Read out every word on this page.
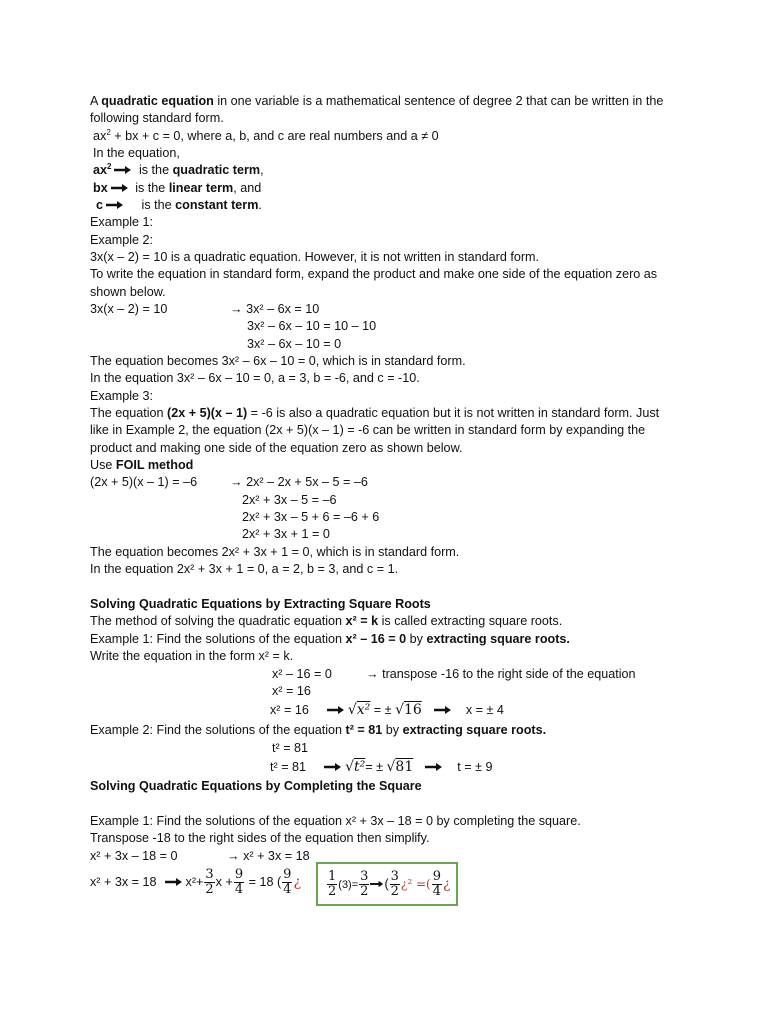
A quadratic equation in one variable is a mathematical sentence of degree 2 that can be written in the
following standard form.
$ax^2$ + bx + c = 0, where a, b, and c are real numbers and a ≠ 0
In the equation,
$ax^2$ is the quadratic term,
bx is the linear term, and
c	is the constant term.
Example 1:
Example 2:
3x(x – 2) = 10 is a quadratic equation. However, it is not written in standard form.
To write the equation in standard form, expand the product and make one side of the equation zero as
shown below.
3x(x – 2) = 10	→ 3x² – 6x = 10
3x² – 6x – 10 = 10 – 10
3x² – 6x – 10 = 0
The equation becomes 3x² – 6x – 10 = 0, which is in standard form.
In the equation 3x² – 6x – 10 = 0, a = 3, b = -6, and c = -10.
Example 3:
The equation (2x + 5)(x – 1) = -6 is also a quadratic equation but it is not written in standard form. Just
like in Example 2, the equation (2x + 5)(x – 1) = -6 can be written in standard form by expanding the
product and making one side of the equation zero as shown below.
Use FOIL method
(2x + 5)(x – 1) = –6	→ 2x² – 2x + 5x – 5 = –6
2x² + 3x – 5 = –6
2x² + 3x – 5 + 6 = –6 + 6
2x² + 3x + 1 = 0
The equation becomes 2x² + 3x + 1 = 0, which is in standard form.
In the equation 2x² + 3x + 1 = 0, a = 2, b = 3, and c = 1.
Solving Quadratic Equations by Extracting Square Roots
The method of solving the quadratic equation x² = k is called extracting square roots.
Example 1: Find the solutions of the equation x² – 16 = 0 by extracting square roots.
Write the equation in the form x² = k.
x² – 16 = 0	→ transpose -16 to the right side of the equation
x² = 16
x² = 16	√x² = ± √16	x = ± 4
Example 2: Find the solutions of the equation t² = 81 by extracting square roots.
t² = 81
t² = 81	√t²= ± √81	t = ± 9
Solving Quadratic Equations by Completing the Square
Example 1: Find the solutions of the equation x² + 3x – 18 = 0 by completing the square.
Transpose -18 to the right sides of the equation then simplify.
x² + 3x – 18 = 0	→ x² + 3x = 18
x² + 3x = 18 $x^2+ \frac{3}{2}$ $x + \frac{9}{4} = 18$ ( $\frac{9}{4}$ ¿ $\frac{1}{2} (3)= \frac{3}{2}$ ( $\frac{3}{2}$ ¿² =( $\frac{9}{4}$ ¿
